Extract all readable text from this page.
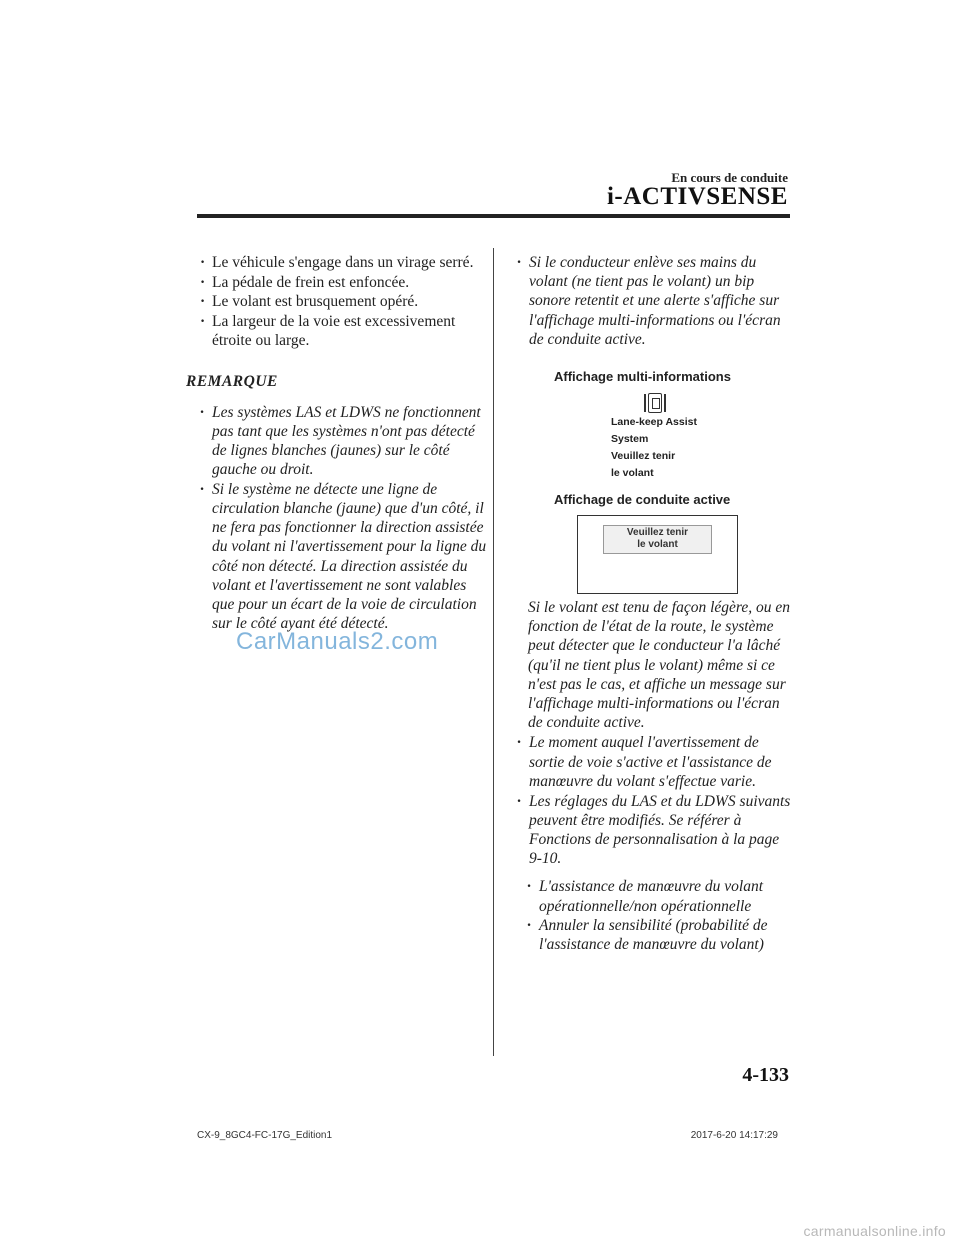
En cours de conduite
i-ACTIVSENSE
· Le véhicule s'engage dans un virage serré.
· La pédale de frein est enfoncée.
· Le volant est brusquement opéré.
· La largeur de la voie est excessivement étroite ou large.
REMARQUE
· Les systèmes LAS et LDWS ne fonctionnent pas tant que les systèmes n'ont pas détecté de lignes blanches (jaunes) sur le côté gauche ou droit.
· Si le système ne détecte une ligne de circulation blanche (jaune) que d'un côté, il ne fera pas fonctionner la direction assistée du volant ni l'avertissement pour la ligne du côté non détecté. La direction assistée du volant et l'avertissement ne sont valables que pour un écart de la voie de circulation sur le côté ayant été détecté.
· Si le conducteur enlève ses mains du volant (ne tient pas le volant) un bip sonore retentit et une alerte s'affiche sur l'affichage multi-informations ou l'écran de conduite active.
Affichage multi-informations
Lane-keep Assist
System
Veuillez tenir
le volant
Affichage de conduite active
Veuillez tenir
le volant

Si le volant est tenu de façon légère, ou en fonction de l'état de la route, le système peut détecter que le conducteur l'a lâché (qu'il ne tient plus le volant) même si ce n'est pas le cas, et affiche un message sur l'affichage multi-informations ou l'écran de conduite active.

· Le moment auquel l'avertissement de sortie de voie s'active et l'assistance de manœuvre du volant s'effectue varie.
· Les réglages du LAS et du LDWS suivants peuvent être modifiés. Se référer à Fonctions de personnalisation à la page 9-10.
· L'assistance de manœuvre du volant opérationnelle/non opérationnelle
· Annuler la sensibilité (probabilité de l'assistance de manœuvre du volant)
CarManuals2.com
4-133
CX-9_8GC4-FC-17G_Edition1	2017-6-20 14:17:29
carmanualsonline.info
